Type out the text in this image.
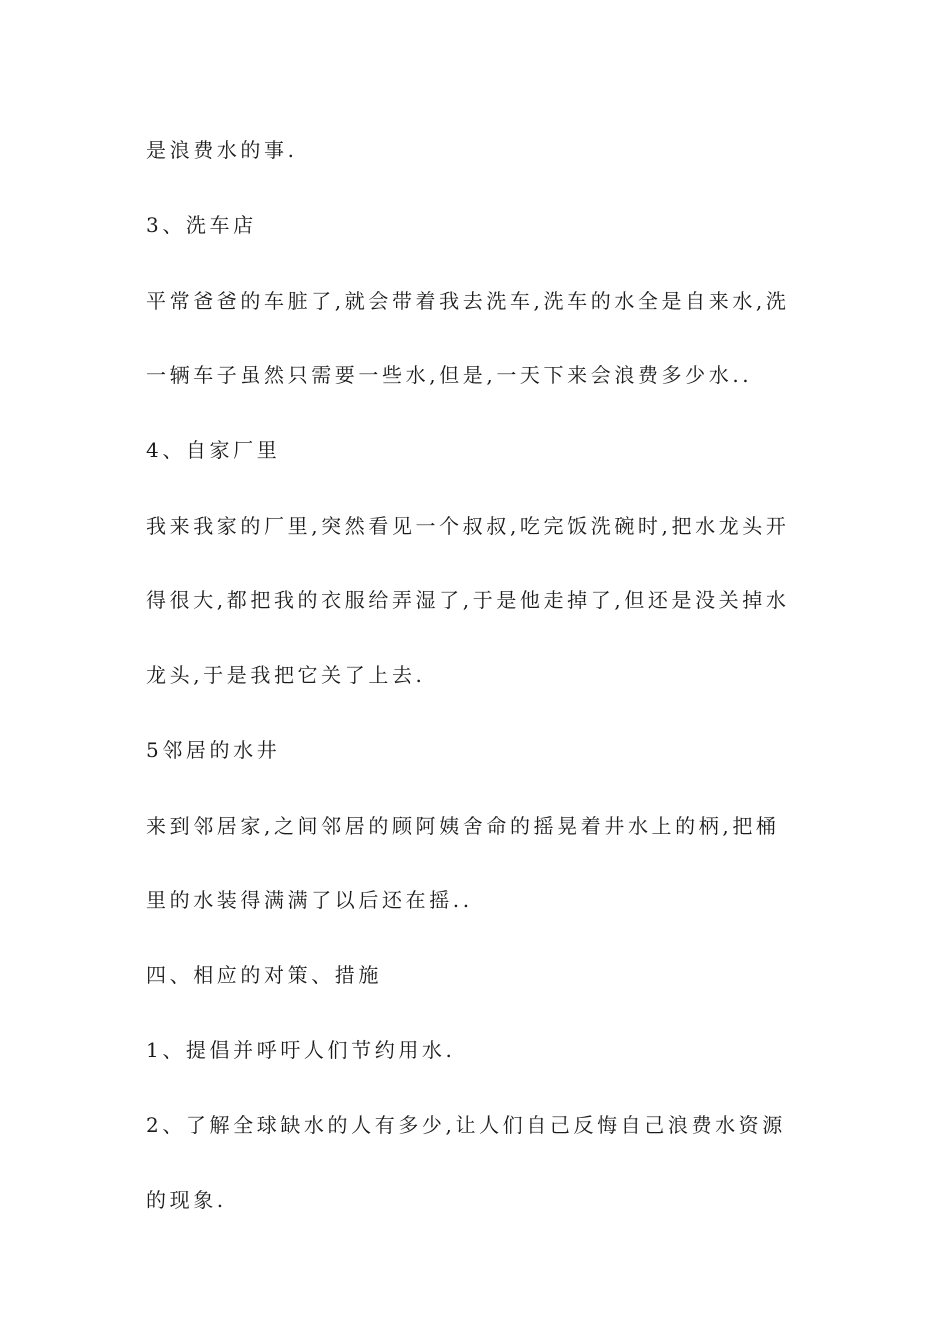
是浪费水的事.
3、洗车店
平常爸爸的车脏了,就会带着我去洗车,洗车的水全是自来水,洗
一辆车子虽然只需要一些水,但是,一天下来会浪费多少水..
4、自家厂里
我来我家的厂里,突然看见一个叔叔,吃完饭洗碗时,把水龙头开
得很大,都把我的衣服给弄湿了,于是他走掉了,但还是没关掉水
龙头,于是我把它关了上去.
5邻居的水井
来到邻居家,之间邻居的顾阿姨舍命的摇晃着井水上的柄,把桶
里的水装得满满了以后还在摇..
四、相应的对策、措施
1、提倡并呼吁人们节约用水.
2、了解全球缺水的人有多少,让人们自己反悔自己浪费水资源
的现象.
